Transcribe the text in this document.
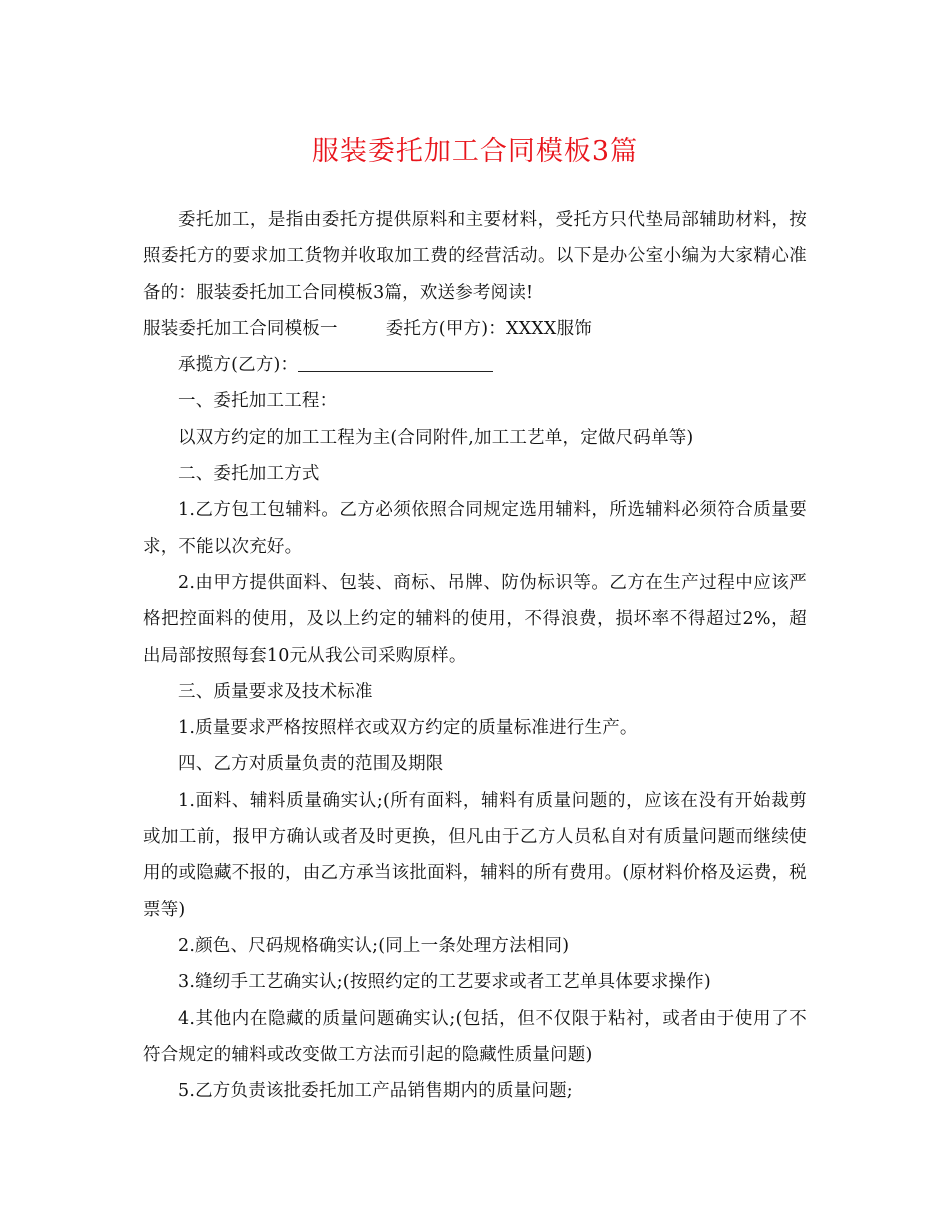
服装委托加工合同模板3篇

委托加工，是指由委托方提供原料和主要材料，受托方只代垫局部辅助材料，按照委托方的要求加工货物并收取加工费的经营活动。以下是办公室小编为大家精心准备的：服装委托加工合同模板3篇，欢送参考阅读!

服装委托加工合同模板一	委托方(甲方)：XXXX服饰

承揽方(乙方)：

一、委托加工工程：

以双方约定的加工工程为主(合同附件,加工工艺单，定做尺码单等)

二、委托加工方式

1.乙方包工包辅料。乙方必须依照合同规定选用辅料，所选辅料必须符合质量要求，不能以次充好。

2.由甲方提供面料、包装、商标、吊牌、防伪标识等。乙方在生产过程中应该严格把控面料的使用，及以上约定的辅料的使用，不得浪费，损坏率不得超过2%，超出局部按照每套10元从我公司采购原样。

三、质量要求及技术标准

1.质量要求严格按照样衣或双方约定的质量标准进行生产。

四、乙方对质量负责的范围及期限

1.面料、辅料质量确实认;(所有面料，辅料有质量问题的，应该在没有开始裁剪或加工前，报甲方确认或者及时更换，但凡由于乙方人员私自对有质量问题而继续使用的或隐藏不报的，由乙方承当该批面料，辅料的所有费用。(原材料价格及运费，税票等)

2.颜色、尺码规格确实认;(同上一条处理方法相同)

3.缝纫手工艺确实认;(按照约定的工艺要求或者工艺单具体要求操作)

4.其他内在隐藏的质量问题确实认;(包括，但不仅限于粘衬，或者由于使用了不符合规定的辅料或改变做工方法而引起的隐藏性质量问题)

5.乙方负责该批委托加工产品销售期内的质量问题;
